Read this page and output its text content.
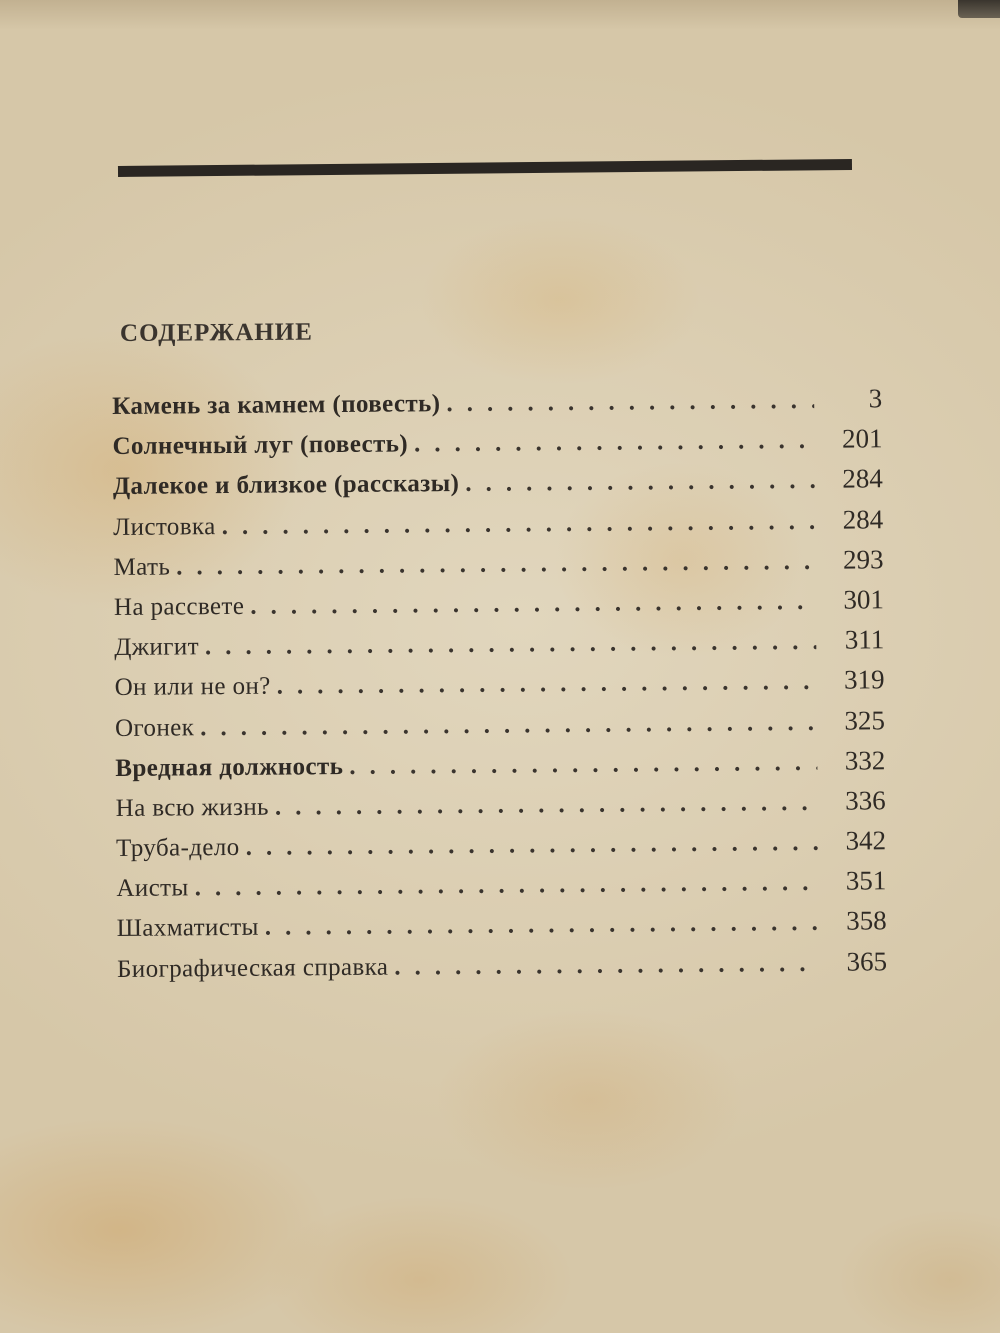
СОДЕРЖАНИЕ
Камень за камнем (повесть) .....	3
Солнечный луг (повесть) .....	201
Далекое и близкое (рассказы) .....	284
Листовка .....	284
Мать .....	293
На рассвете .....	301
Джигит .....	311
Он или не он? .....	319
Огонек .....	325
Вредная должность .....	332
На всю жизнь .....	336
Труба-дело .....	342
Аисты .....	351
Шахматисты .....	358
Биографическая справка .....	365
